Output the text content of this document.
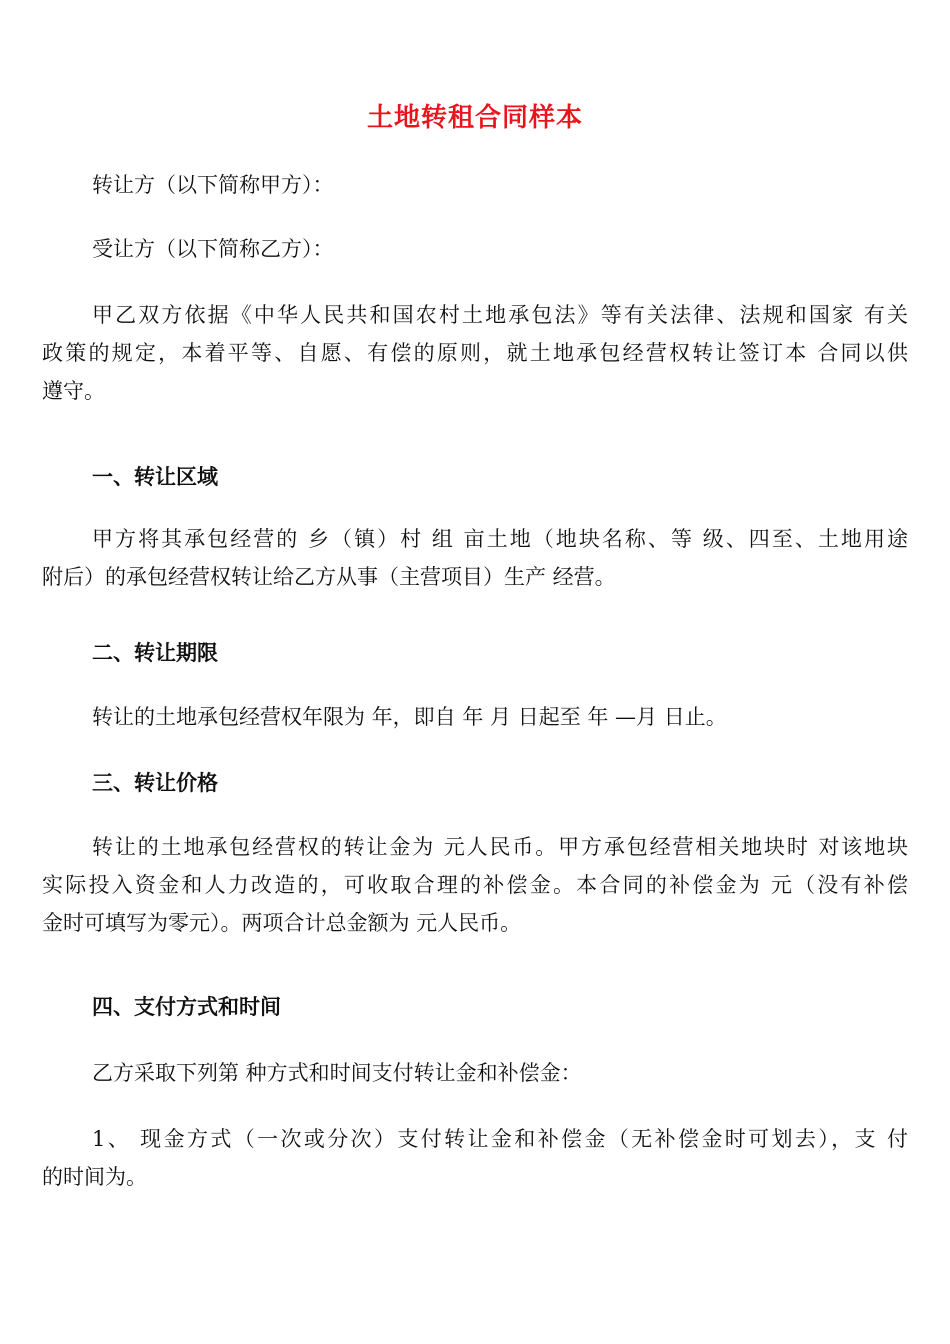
土地转租合同样本

转让方（以下简称甲方）：

受让方（以下简称乙方）：

甲乙双方依据《中华人民共和国农村土地承包法》等有关法律、法规和国家 有关
政策的规定，本着平等、自愿、有偿的原则，就土地承包经营权转让签订本 合同以供
遵守。
一、转让区域
甲方将其承包经营的 乡（镇）村 组 亩土地（地块名称、等 级、四至、土地用途
附后）的承包经营权转让给乙方从事（主营项目）生产 经营。
二、转让期限
转让的土地承包经营权年限为 年，即自 年 月 日起至 年 —月 日止。
三、转让价格
转让的土地承包经营权的转让金为 元人民币。甲方承包经营相关地块时 对该地块
实际投入资金和人力改造的，可收取合理的补偿金。本合同的补偿金为 元（没有补偿
金时可填写为零元）。两项合计总金额为 元人民币。
四、支付方式和时间
乙方采取下列第 种方式和时间支付转让金和补偿金：
1、 现金方式（一次或分次）支付转让金和补偿金（无补偿金时可划去），支 付
的时间为。
